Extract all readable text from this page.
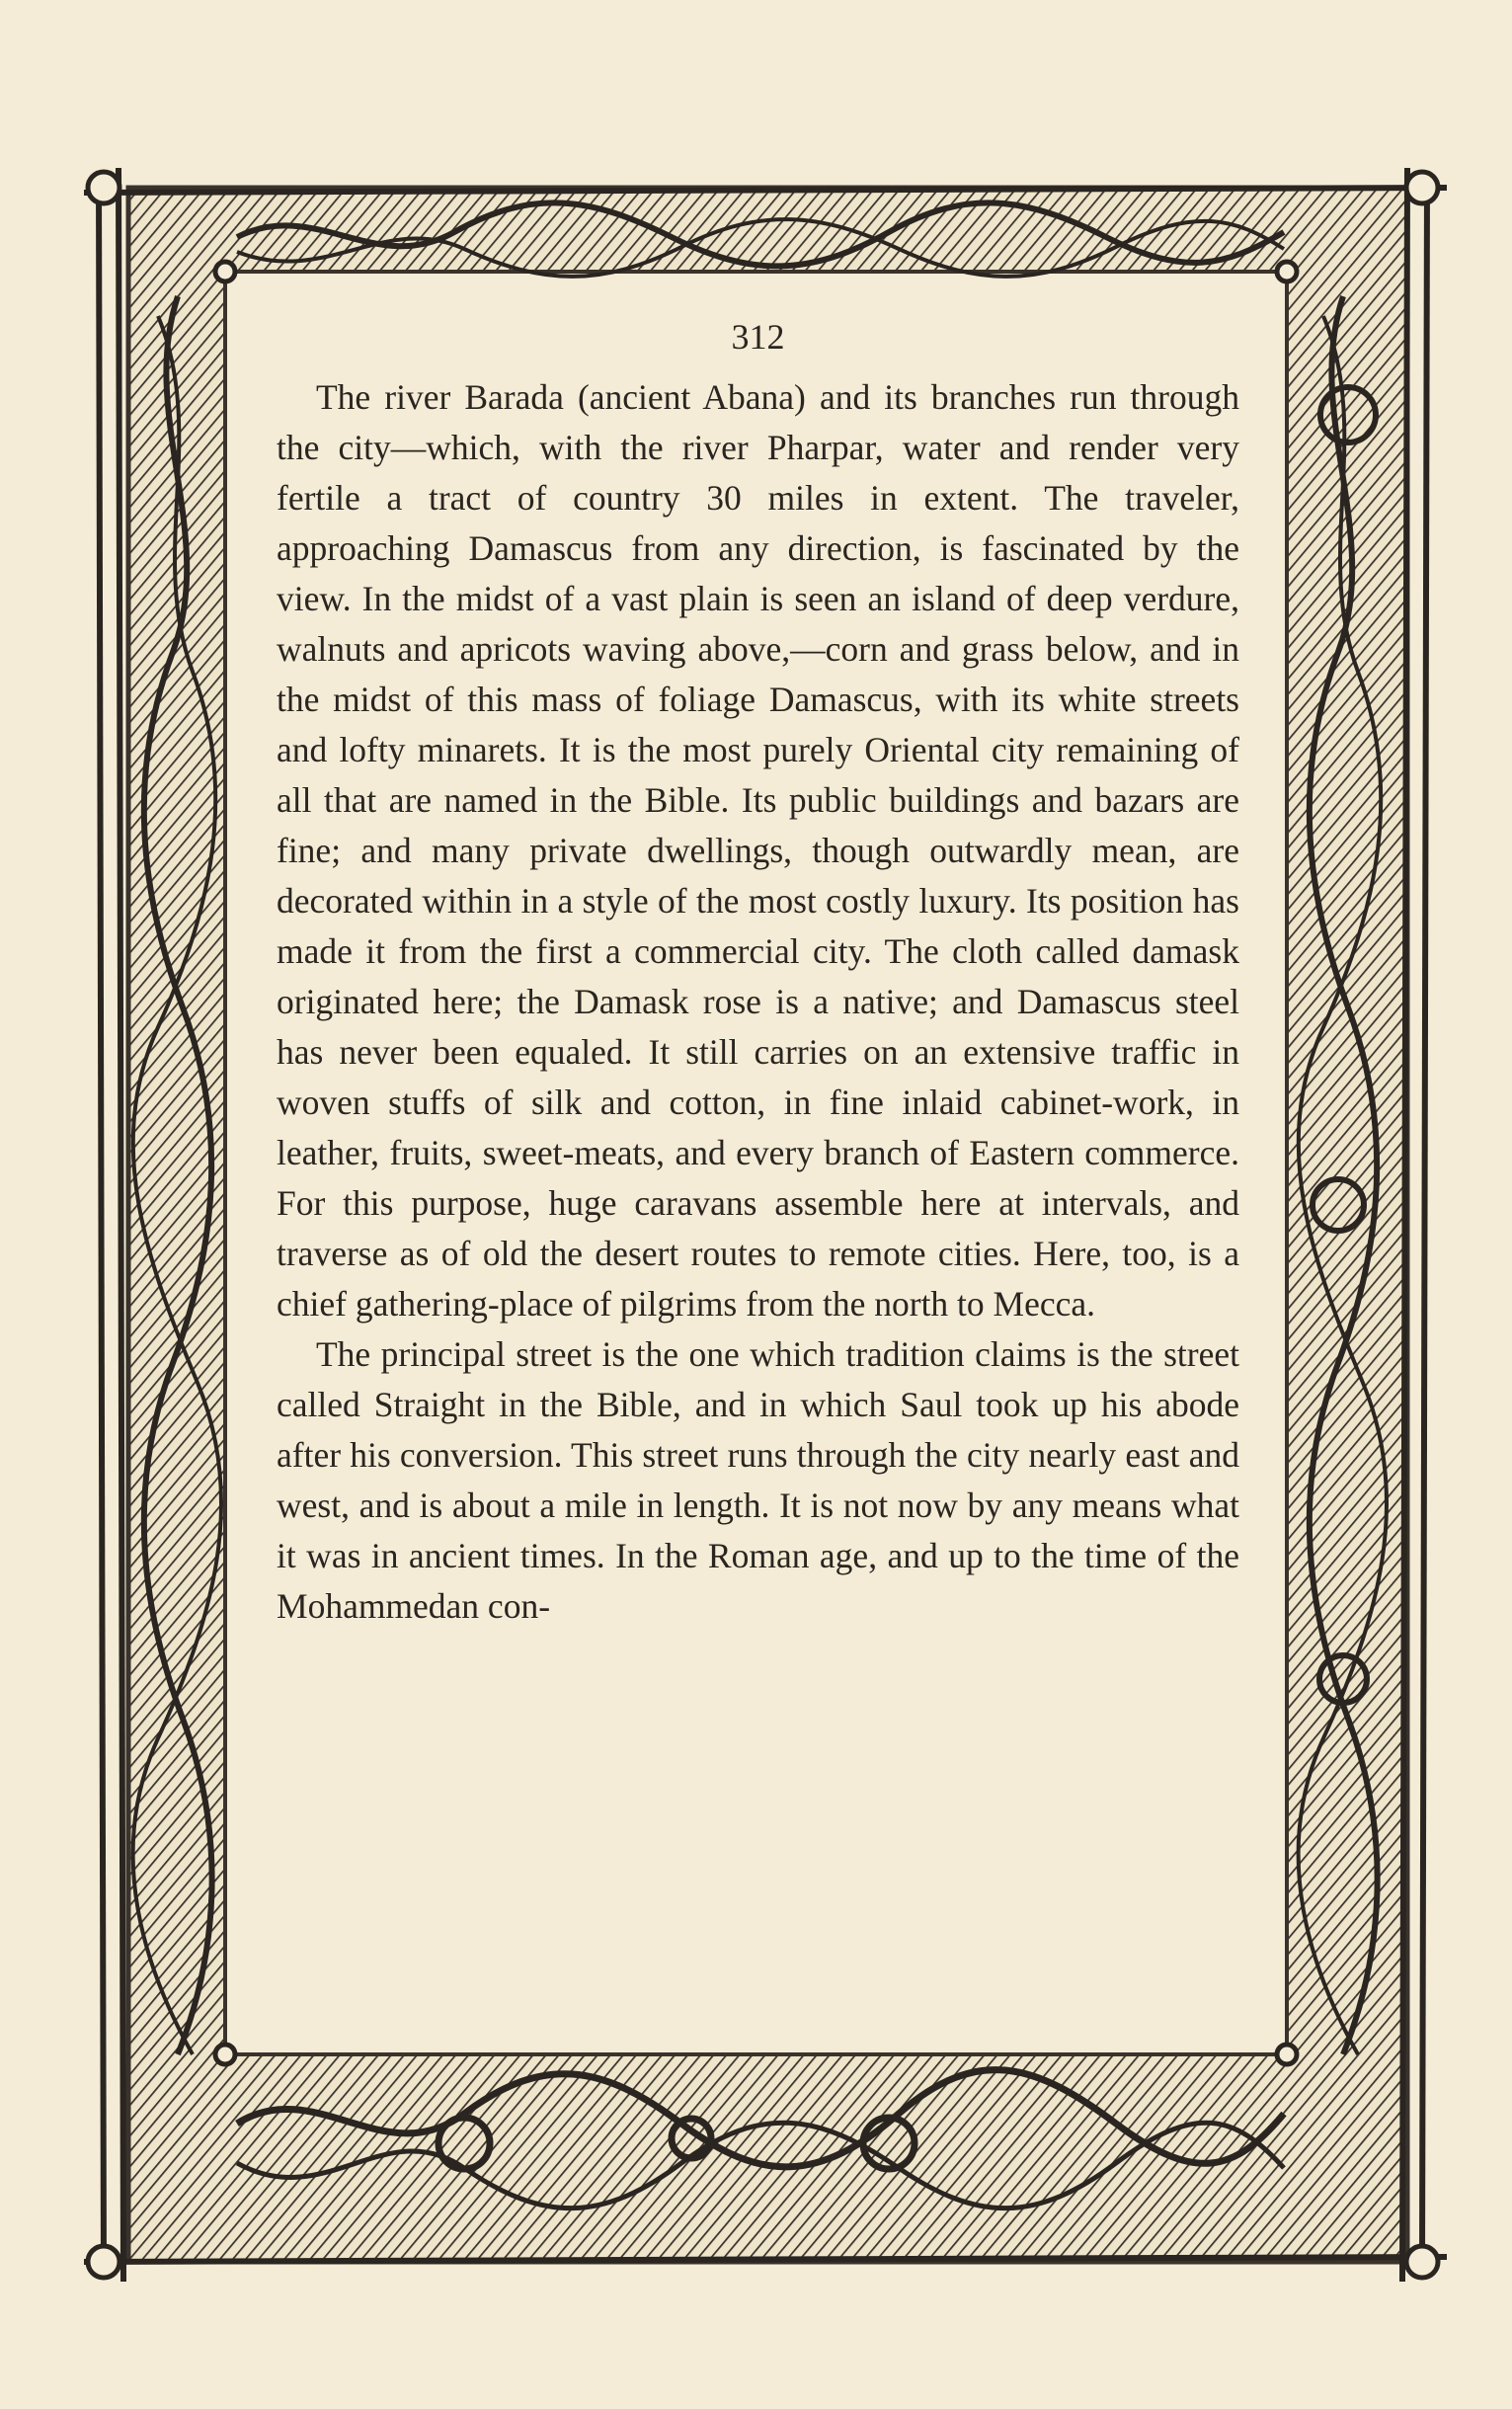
312

The river Barada (ancient Abana) and its branches run through the city—which, with the river Pharpar, water and render very fertile a tract of country 30 miles in extent. The traveler, approaching Damascus from any direction, is fascinated by the view. In the midst of a vast plain is seen an island of deep verdure, walnuts and apricots waving above,—corn and grass below, and in the midst of this mass of foliage Damascus, with its white streets and lofty minarets. It is the most purely Oriental city remaining of all that are named in the Bible. Its public buildings and bazars are fine; and many private dwellings, though outwardly mean, are decorated within in a style of the most costly luxury. Its position has made it from the first a commercial city. The cloth called damask originated here; the Damask rose is a native; and Damascus steel has never been equaled. It still carries on an extensive traffic in woven stuffs of silk and cotton, in fine inlaid cabinet-work, in leather, fruits, sweet-meats, and every branch of Eastern commerce. For this purpose, huge caravans assemble here at intervals, and traverse as of old the desert routes to remote cities. Here, too, is a chief gathering-place of pilgrims from the north to Mecca.

The principal street is the one which tradition claims is the street called Straight in the Bible, and in which Saul took up his abode after his conversion. This street runs through the city nearly east and west, and is about a mile in length. It is not now by any means what it was in ancient times. In the Roman age, and up to the time of the Mohammedan con-
